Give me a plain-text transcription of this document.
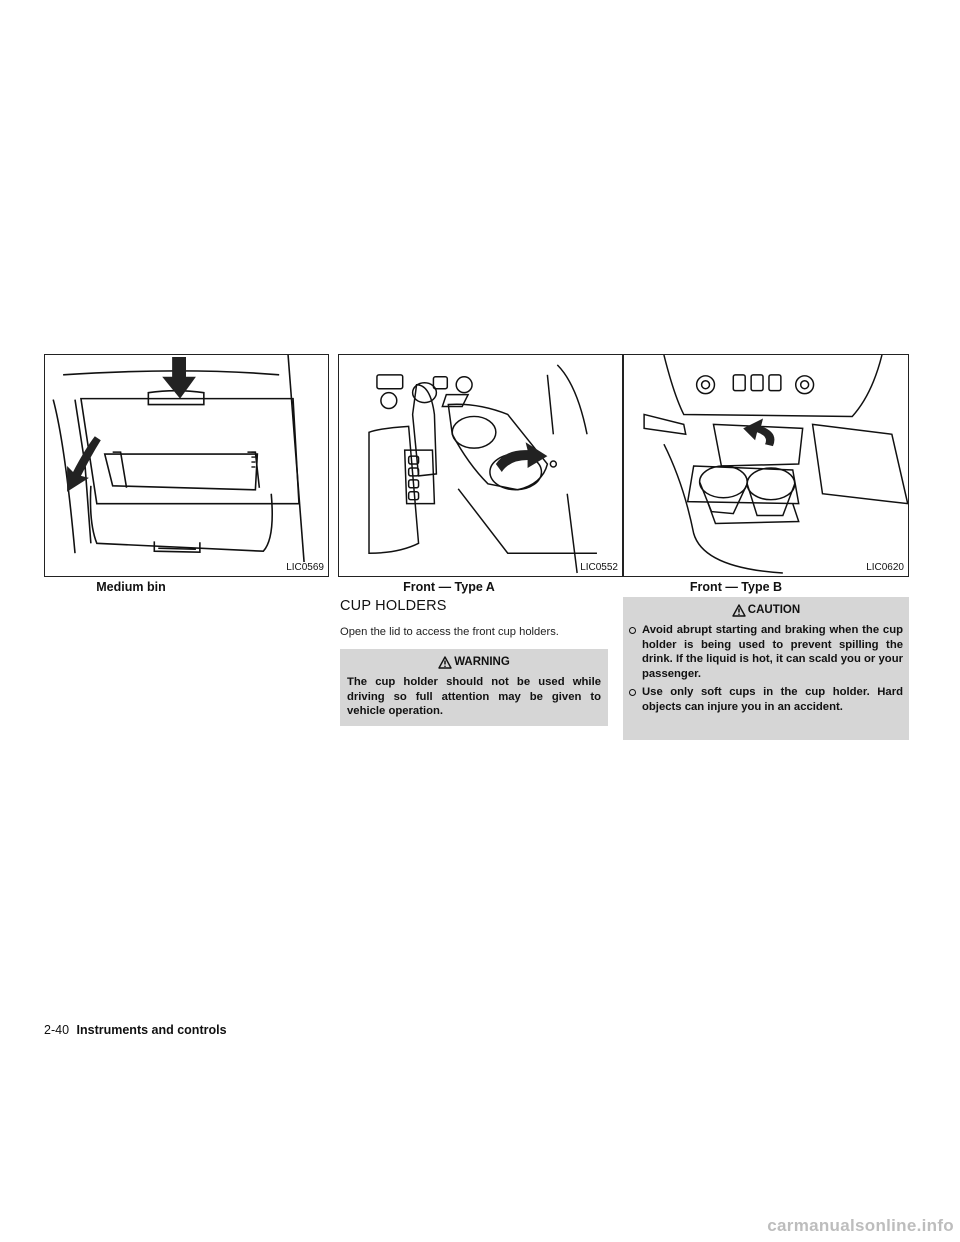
LIC0569	LIC0552	LIC0620
Medium bin	Front — Type A	Front — Type B
CUP HOLDERS
Open the lid to access the front cup holders.
WARNING
The cup holder should not be used while driving so full attention may be given to vehicle operation.
CAUTION
Avoid abrupt starting and braking when the cup holder is being used to prevent spilling the drink. If the liquid is hot, it can scald you or your passenger.
Use only soft cups in the cup holder. Hard objects can injure you in an accident.
2-40 Instruments and controls
carmanualsonline.info
